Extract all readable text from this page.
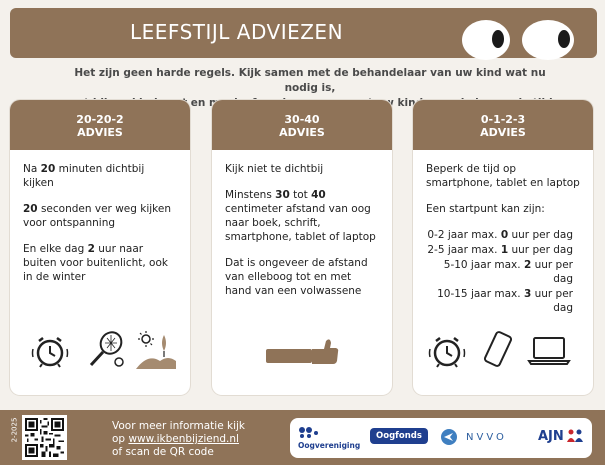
LEEFSTIJL ADVIEZEN
Het zijn geen harde regels. Kijk samen met de behandelaar van uw kind wat nu nodig is,
en kind
20-20-2
ADVIES

Na 20 minuten dichtbij kijken

20 seconden ver weg kijken voor ontspanning

En elke dag 2 uur naar buiten voor buitenlicht, ook in de winter

30-40
ADVIES

Kijk niet te dichtbij

Minstens 30 tot 40 centimeter afstand van oog naar boek, schrift, smartphone, tablet of laptop

Dat is ongeveer de afstand van elleboog tot en met hand van een volwassene

0-1-2-3
ADVIES

Beperk de tijd op smartphone, tablet en laptop

Een startpunt kan zijn:

0-2 jaar max. 0 uur per dag
2-5 jaar max. 1 uur per dag
5-10 jaar max. 2 uur per dag
10-15 jaar max. 3 uur per dag
2-2025	Voor meer informatie kijk
op www.ikbenbijziend.nl
of scan de QR code
Oogvereniging
Oogfonds	NVVO AJN
